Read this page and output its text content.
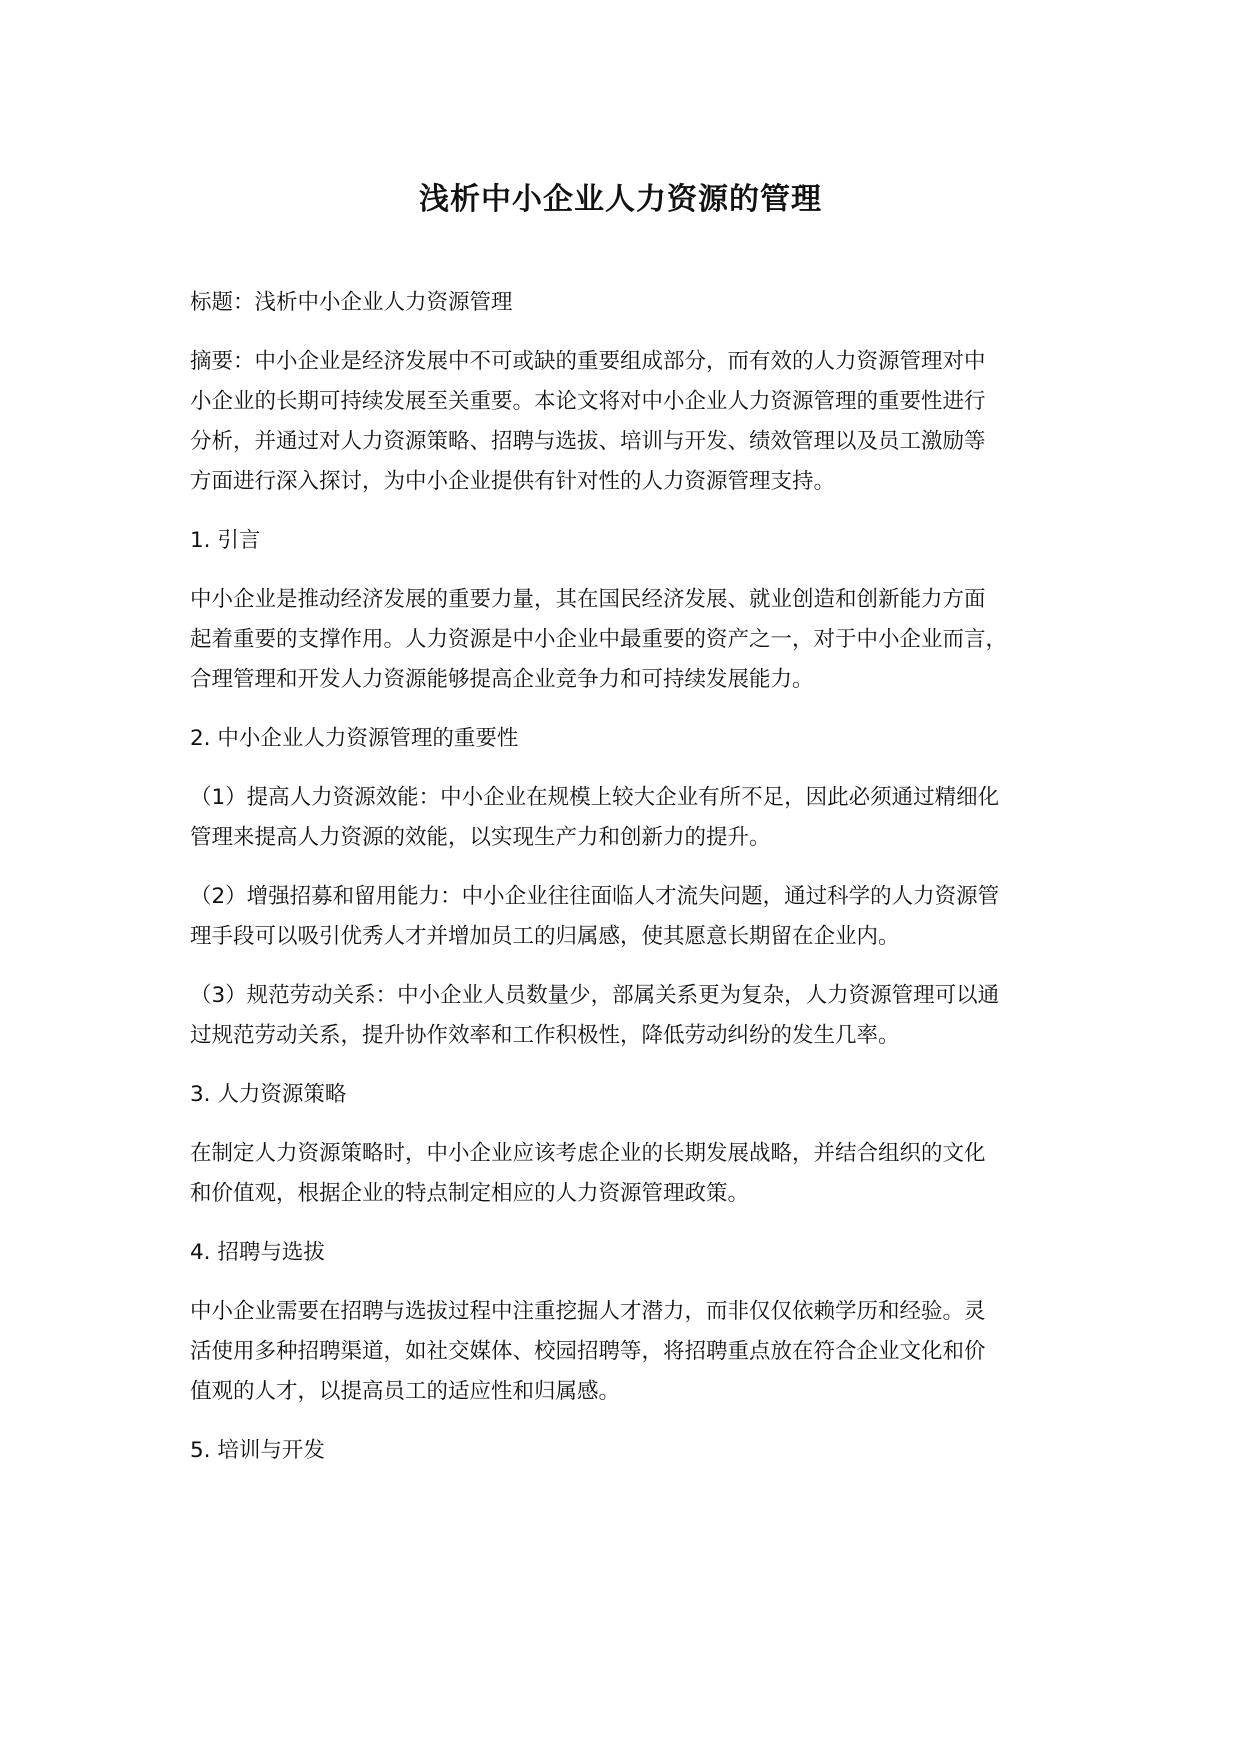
浅析中小企业人力资源的管理

标题：浅析中小企业人力资源管理

摘要：中小企业是经济发展中不可或缺的重要组成部分，而有效的人力资源管理对中
小企业的长期可持续发展至关重要。本论文将对中小企业人力资源管理的重要性进行
分析，并通过对人力资源策略、招聘与选拔、培训与开发、绩效管理以及员工激励等
方面进行深入探讨，为中小企业提供有针对性的人力资源管理支持。

1. 引言

中小企业是推动经济发展的重要力量，其在国民经济发展、就业创造和创新能力方面
起着重要的支撑作用。人力资源是中小企业中最重要的资产之一，对于中小企业而言，
合理管理和开发人力资源能够提高企业竞争力和可持续发展能力。

2. 中小企业人力资源管理的重要性

（1）提高人力资源效能：中小企业在规模上较大企业有所不足，因此必须通过精细化
管理来提高人力资源的效能，以实现生产力和创新力的提升。

（2）增强招募和留用能力：中小企业往往面临人才流失问题，通过科学的人力资源管
理手段可以吸引优秀人才并增加员工的归属感，使其愿意长期留在企业内。

（3）规范劳动关系：中小企业人员数量少，部属关系更为复杂，人力资源管理可以通
过规范劳动关系，提升协作效率和工作积极性，降低劳动纠纷的发生几率。

3. 人力资源策略

在制定人力资源策略时，中小企业应该考虑企业的长期发展战略，并结合组织的文化
和价值观，根据企业的特点制定相应的人力资源管理政策。

4. 招聘与选拔

中小企业需要在招聘与选拔过程中注重挖掘人才潜力，而非仅仅依赖学历和经验。灵
活使用多种招聘渠道，如社交媒体、校园招聘等，将招聘重点放在符合企业文化和价
值观的人才，以提高员工的适应性和归属感。

5. 培训与开发
